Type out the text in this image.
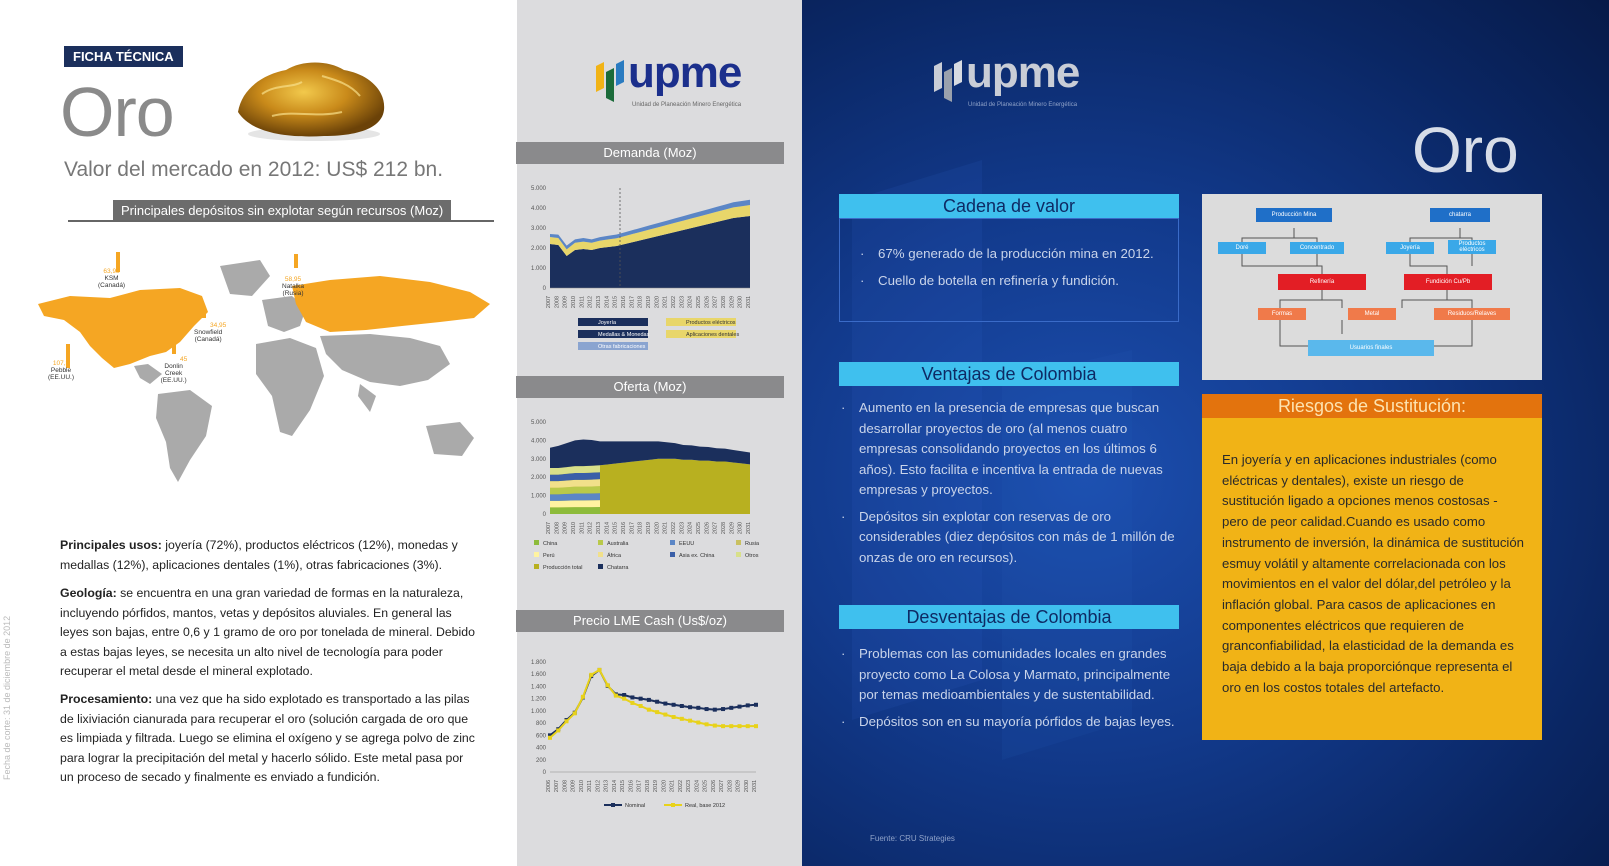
FICHA TÉCNICA
Oro
Valor del mercado en 2012: US$ 212 bn.
Principales depósitos sin explotar según recursos (Moz)
63,98
KSM
(Canadá)
58,95
Natalka
(Rusia)
34,95
Snowfield
(Canadá)
45
Donlin
Creek
(EE.UU.)
107,3
Pebble
(EE.UU.)
Principales usos: joyería (72%), productos eléctricos (12%), monedas y medallas (12%), aplicaciones dentales (1%), otras fabricaciones (3%).
Geología: se encuentra en una gran variedad de formas en la naturaleza, incluyendo pórfidos, mantos, vetas y depósitos aluviales. En general las leyes son bajas, entre 0,6 y 1 gramo de oro por tonelada de mineral. Debido a estas bajas leyes, se necesita un alto nivel de tecnología para poder recuperar el metal desde el mineral explotado.
Procesamiento: una vez que ha sido explotado es transportado a las pilas de lixiviación cianurada para recuperar el oro (solución cargada de oro que es limpiada y filtrada. Luego se elimina el oxígeno y se agrega polvo de zinc para lograr la precipitación del metal y hacerlo sólido. Este metal pasa por un proceso de secado y finalmente es enviado a fundición.
Fecha de corte: 31 de diciembre de 2012
upme
Unidad de Planeación Minero Energética
Demanda (Moz)
5.000
4.000
3.000
2.000
1.000
0
2007 2008 2009 2010 2011 2012 2013 2014 2015 2016 2017 2018 2019 2020 2021 2022 2023 2024 2025 2026 2027 2028 2029 2030 2031
Joyería	Productos eléctricos
Medallas & Monedas	Aplicaciones dentales
Otras fabricaciones
Oferta (Moz)
5.000
4.000
3.000
2.000
1.000
0
2007 2008 2009 2010 2011 2012 2013 2014 2015 2016 2017 2018 2019 2020 2021 2022 2023 2024 2025 2026 2027 2028 2029 2030 2031
China	Australia	EEUU	Rusia
Perú	África	Asia ex. China	Otros
Producción total	Chatarra
Precio LME Cash (Us$/oz)
1.800
1.600
1.400
1.200
1.000
800
600
400
200
0
2006 2007 2008 2009 2010 2011 2012 2013 2014 2015 2016 2017 2018 2019 2020 2021 2022 2023 2024 2025 2026 2027 2028 2029 2030 2031
Nominal	Real, base 2012
upme
Unidad de Planeación Minero Energética
Oro
Cadena de valor
· 67% generado de la producción mina en 2012.
· Cuello de botella en refinería y fundición.
Ventajas de Colombia
· Aumento en la presencia de empresas que buscan desarrollar proyectos de oro (al menos cuatro empresas consolidando proyectos en los últimos 6 años). Esto facilita e incentiva la entrada de nuevas empresas y proyectos.
· Depósitos sin explotar con reservas de oro considerables (diez depósitos con más de 1 millón de onzas de oro en recursos).
Desventajas de Colombia
· Problemas con las comunidades locales en grandes proyecto como La Colosa y Marmato, principalmente por temas medioambientales y de sustentabilidad.
· Depósitos son en su mayoría pórfidos de bajas leyes.
Producción Mina	chatarra
Doré	Concentrado	Joyería
Productos eléctricos
Refinería	Fundición Cu/Pb
Formas	Metal	Residuos/Relaves
Usuarios finales
Riesgos de Sustitución:
En joyería y en aplicaciones industriales (como eléctricas y dentales), existe un riesgo de sustitución ligado a opciones menos costosas - pero de peor calidad.Cuando es usado como instrumento de inversión, la dinámica de sustitución esmuy volátil y altamente correlacionada con los movimientos en el valor del dólar,del petróleo y la inflación global. Para casos de aplicaciones en componentes eléctricos que requieren de granconfiabilidad, la elasticidad de la demanda es baja debido a la baja proporciónque representa el oro en los costos totales del artefacto.
Fuente: CRU Strategies
